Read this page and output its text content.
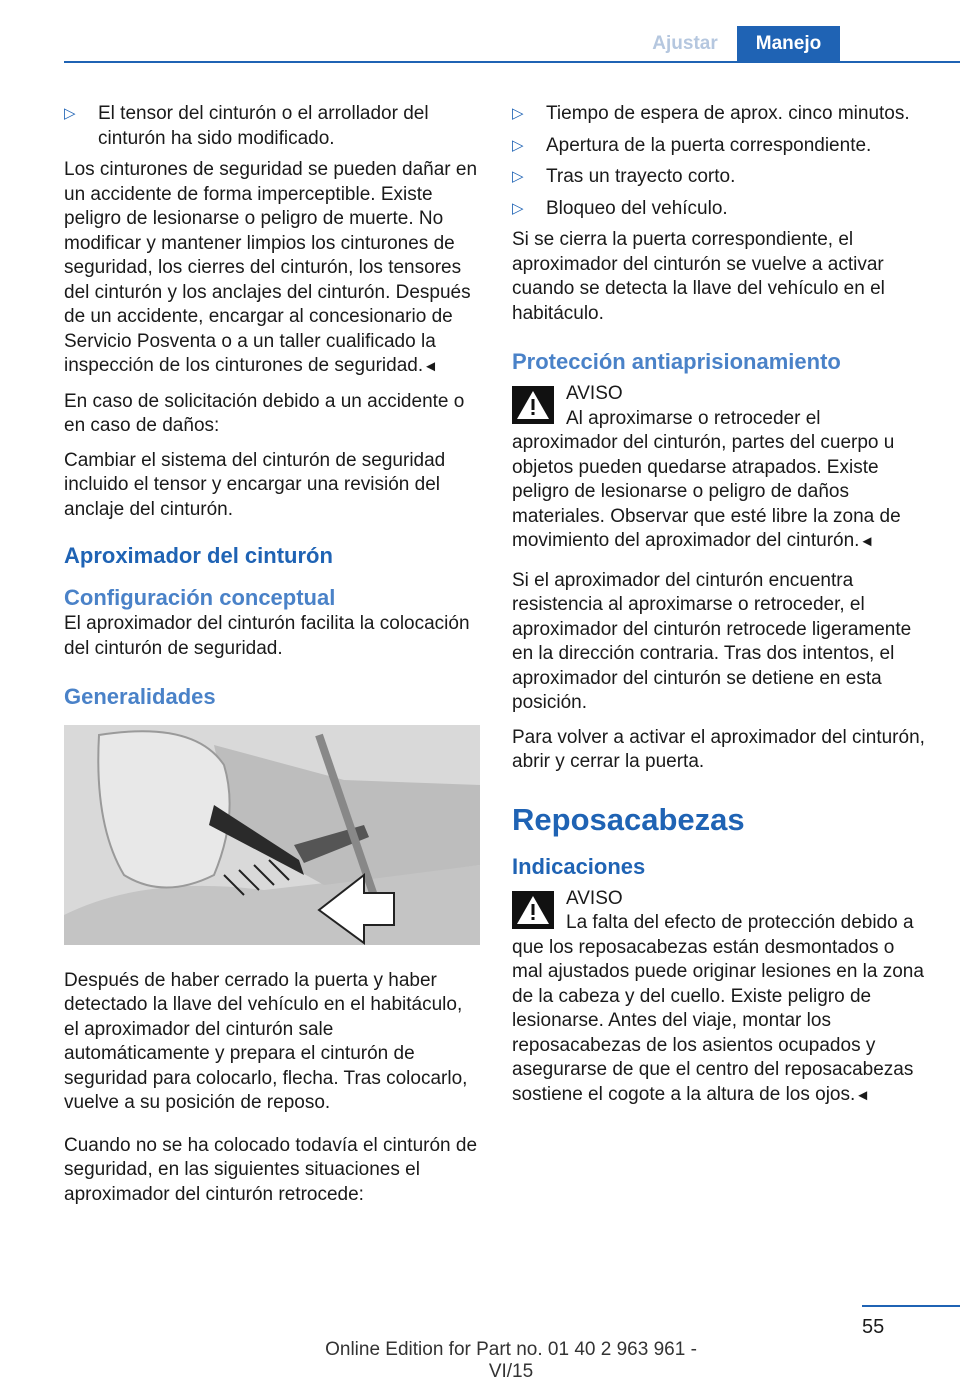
Ajustar	Manejo
▷ El tensor del cinturón o el arrollador del cinturón ha sido modificado.

Los cinturones de seguridad se pueden dañar en un accidente de forma imperceptible. Existe peligro de lesionarse o peligro de muerte. No modificar y mantener limpios los cinturones de seguridad, los cierres del cinturón, los tensores del cinturón y los anclajes del cinturón. Después de un accidente, encargar al concesionario de Servicio Posventa o a un taller cualificado la inspección de los cinturones de seguridad.◄

En caso de solicitación debido a un accidente o en caso de daños:

Cambiar el sistema del cinturón de seguridad incluido el tensor y encargar una revisión del anclaje del cinturón.

Aproximador del cinturón
Configuración conceptual

El aproximador del cinturón facilita la colocación del cinturón de seguridad.

Generalidades

Después de haber cerrado la puerta y haber detectado la llave del vehículo en el habitáculo, el aproximador del cinturón sale automáticamente y prepara el cinturón de seguridad para colocarlo, flecha. Tras colocarlo, vuelve a su posición de reposo.

Cuando no se ha colocado todavía el cinturón de seguridad, en las siguientes situaciones el aproximador del cinturón retrocede:

▷ Tiempo de espera de aprox. cinco minutos.
▷ Apertura de la puerta correspondiente.
▷ Tras un trayecto corto.
▷ Bloqueo del vehículo.

Si se cierra la puerta correspondiente, el aproximador del cinturón se vuelve a activar cuando se detecta la llave del vehículo en el habitáculo.

Protección antiaprisionamiento
AVISO
Al aproximarse o retroceder el aproximador del cinturón, partes del cuerpo u objetos pueden quedarse atrapados. Existe peligro de lesionarse o peligro de daños materiales. Observar que esté libre la zona de movimiento del aproximador del cinturón.◄

Si el aproximador del cinturón encuentra resistencia al aproximarse o retroceder, el aproximador del cinturón retrocede ligeramente en la dirección contraria. Tras dos intentos, el aproximador del cinturón se detiene en esta posición.

Para volver a activar el aproximador del cinturón, abrir y cerrar la puerta.

Reposacabezas
Indicaciones
AVISO
La falta del efecto de protección debido a que los reposacabezas están desmontados o mal ajustados puede originar lesiones en la zona de la cabeza y del cuello. Existe peligro de lesionarse. Antes del viaje, montar los reposacabezas de los asientos ocupados y asegurarse de que el centro del reposacabezas sostiene el cogote a la altura de los ojos.◄
55
Online Edition for Part no. 01 40 2 963 961 - VI/15
